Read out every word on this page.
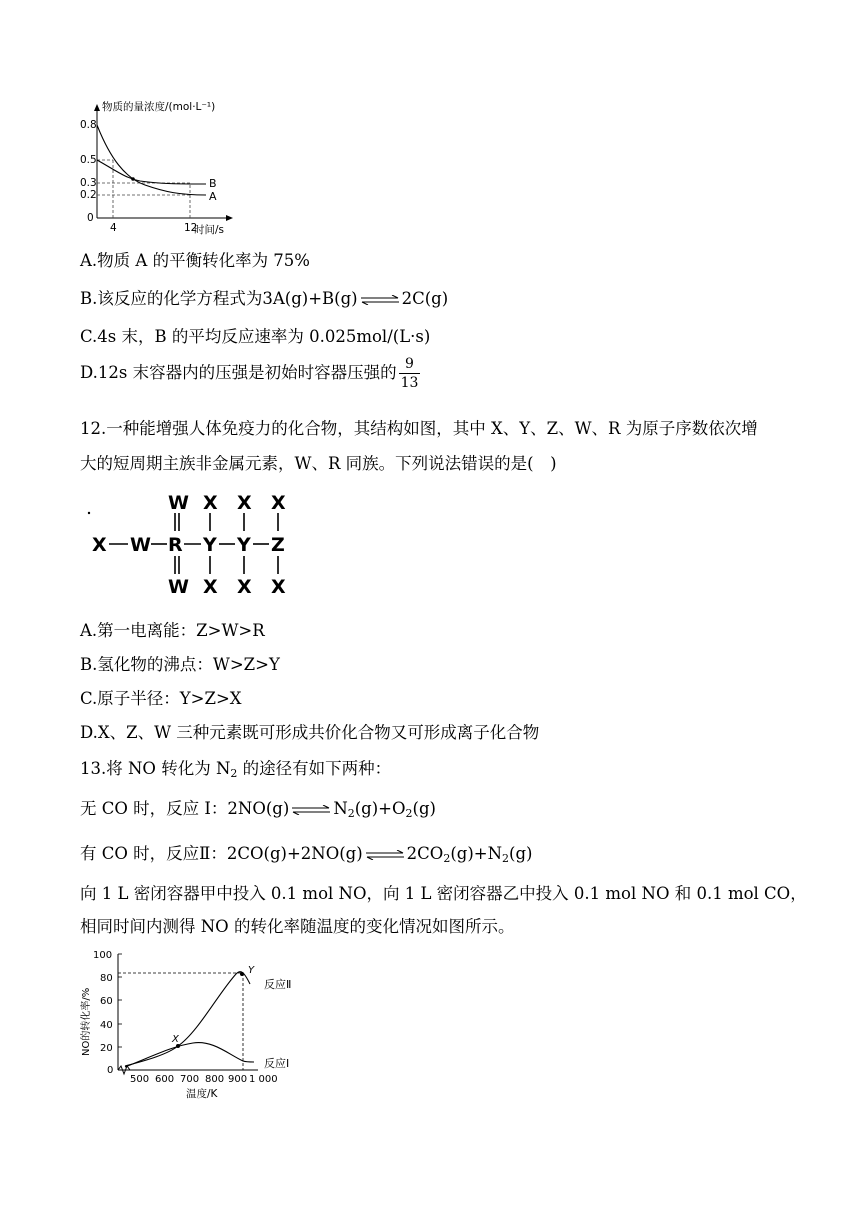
物质的量浓度/(mol·L⁻¹)
时间/s
0.8
0.5
0.3
0.2
0
4	12
B
A
A.物质 A 的平衡转化率为 75%
B.该反应的化学方程式为3A(g)+B(g) ⇌ 2C(g)
C.4s 末，B 的平均反应速率为 0.025mol/(L·s)
D.12s 末容器内的压强是初始时容器压强的 $\frac{9}{13}$
12.一种能增强人体免疫力的化合物，其结构如图，其中 X、Y、Z、W、R 为原子序数依次增
大的短周期主族非金属元素，W、R 同族。下列说法错误的是(　)
W X X X
X W R Y Y Z
W X X X
A.第一电离能：Z>W>R
B.氢化物的沸点：W>Z>Y
C.原子半径：Y>Z>X
D.X、Z、W 三种元素既可形成共价化合物又可形成离子化合物
13.将 NO 转化为 $N_2$ 的途径有如下两种：
无 CO 时，反应 I：2NO(g) ⇌ $N_2(g)+O_2(g)$
有 CO 时，反应Ⅱ：2CO(g)+2NO(g) ⇌ $2CO_2(g)+N_2(g)$
向 1 L 密闭容器甲中投入 0.1 mol NO，向 1 L 密闭容器乙中投入 0.1 mol NO 和 0.1 mol CO，
相同时间内测得 NO 的转化率随温度的变化情况如图所示。
X
Y
反应Ⅱ
反应Ⅰ
100
80
60
40
20
0
500 600 700 800 900 1 000
温度/K
NO的转化率/%
